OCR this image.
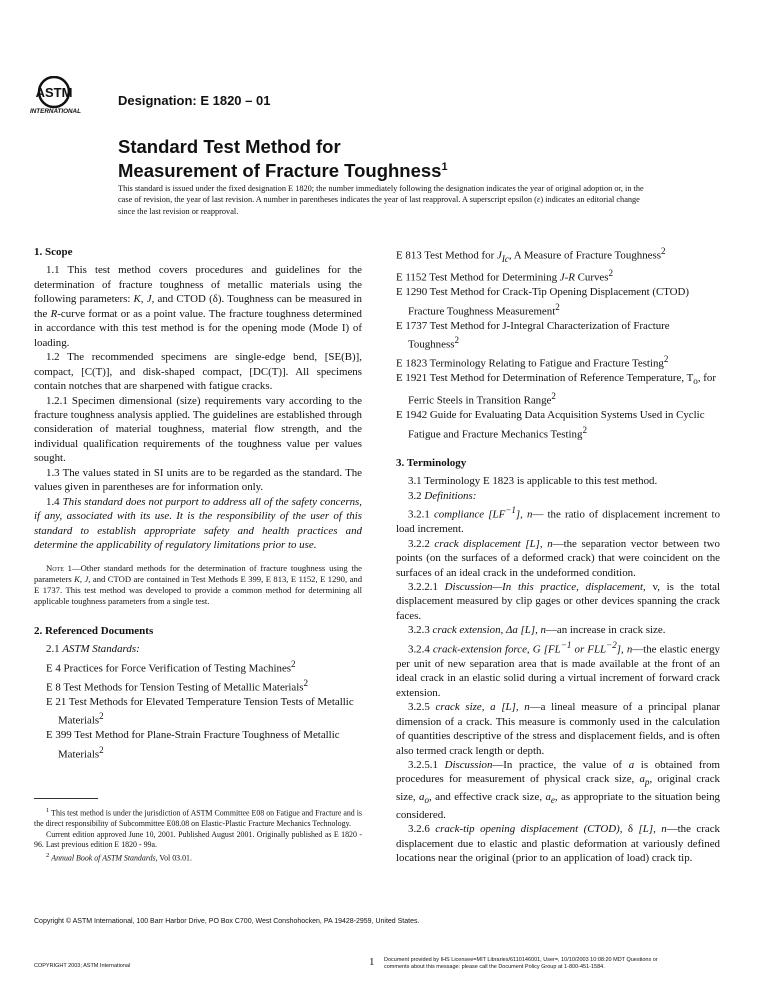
ASTM
INTERNATIONAL
Designation: E 1820 – 01
Standard Test Method for
Measurement of Fracture Toughness$^1$
This standard is issued under the fixed designation E 1820; the number immediately following the designation indicates the year of original adoption or, in the case of revision, the year of last revision. A number in parentheses indicates the year of last reapproval. A superscript epsilon (ε) indicates an editorial change since the last revision or reapproval.
1. Scope

1.1 This test method covers procedures and guidelines for the determination of fracture toughness of metallic materials using the following parameters: K, J, and CTOD (δ). Toughness can be measured in the R-curve format or as a point value. The fracture toughness determined in accordance with this test method is for the opening mode (Mode I) of loading.

1.2 The recommended specimens are single-edge bend, [SE(B)], compact, [C(T)], and disk-shaped compact, [DC(T)]. All specimens contain notches that are sharpened with fatigue cracks.

1.2.1 Specimen dimensional (size) requirements vary according to the fracture toughness analysis applied. The guidelines are established through consideration of material toughness, material flow strength, and the individual qualification requirements of the toughness value per values sought.

1.3 The values stated in SI units are to be regarded as the standard. The values given in parentheses are for information only.

1.4 This standard does not purport to address all of the safety concerns, if any, associated with its use. It is the responsibility of the user of this standard to establish appropriate safety and health practices and determine the applicability of regulatory limitations prior to use.

Note 1—Other standard methods for the determination of fracture toughness using the parameters K, J, and CTOD are contained in Test Methods E 399, E 813, E 1152, E 1290, and E 1737. This test method was developed to provide a common method for determining all applicable toughness parameters from a single test.

2. Referenced Documents

2.1 ASTM Standards:

E 4 Practices for Force Verification of Testing Machines$^2$

E 8 Test Methods for Tension Testing of Metallic Materials$^2$

E 21 Test Methods for Elevated Temperature Tension Tests of Metallic Materials$^2$

E 399 Test Method for Plane-Strain Fracture Toughness of Metallic Materials$^2$

$^1$ This test method is under the jurisdiction of ASTM Committee E08 on Fatigue and Fracture and is the direct responsibility of Subcommittee E08.08 on Elastic-Plastic Fracture Mechanics Technology.

Current edition approved June 10, 2001. Published August 2001. Originally published as E 1820 - 96. Last previous edition E 1820 - 99a.

$^2$ Annual Book of ASTM Standards, Vol 03.01.

E 813 Test Method for $J_{Ic}$, A Measure of Fracture Toughness$^2$

E 1152 Test Method for Determining J-R Curves$^2$

E 1290 Test Method for Crack-Tip Opening Displacement (CTOD) Fracture Toughness Measurement$^2$

E 1737 Test Method for J-Integral Characterization of Fracture Toughness$^2$

E 1823 Terminology Relating to Fatigue and Fracture Testing$^2$

E 1921 Test Method for Determination of Reference Temperature, $T_o$, for Ferric Steels in Transition Range$^2$

E 1942 Guide for Evaluating Data Acquisition Systems Used in Cyclic Fatigue and Fracture Mechanics Testing$^2$

3. Terminology

3.1 Terminology E 1823 is applicable to this test method.

3.2 Definitions:

3.2.1 compliance $[LF^{-1}]$, n— the ratio of displacement increment to load increment.

3.2.2 crack displacement [L], n—the separation vector between two points (on the surfaces of a deformed crack) that were coincident on the surfaces of an ideal crack in the undeformed condition.

3.2.2.1 Discussion—In this practice, displacement, v, is the total displacement measured by clip gages or other devices spanning the crack faces.

3.2.3 crack extension, Δa [L], n—an increase in crack size.

3.2.4 crack-extension force, G [$FL^{-1}$ or $FLL^{-2}$], n—the elastic energy per unit of new separation area that is made available at the front of an ideal crack in an elastic solid during a virtual increment of forward crack extension.

3.2.5 crack size, a [L], n—a lineal measure of a principal planar dimension of a crack. This measure is commonly used in the calculation of quantities descriptive of the stress and displacement fields, and is often also termed crack length or depth.

3.2.5.1 Discussion—In practice, the value of a is obtained from procedures for measurement of physical crack size, $a_p$, original crack size, $a_o$, and effective crack size, $a_e$, as appropriate to the situation being considered.

3.2.6 crack-tip opening displacement (CTOD), δ [L], n—the crack displacement due to elastic and plastic deformation at variously defined locations near the original (prior to an application of load) crack tip.

Copyright © ASTM International, 100 Barr Harbor Drive, PO Box C700, West Conshohocken, PA 19428-2959, United States.
COPYRIGHT 2003; ASTM International	1 Document provided by IHS Licensee=MIT Libraries/6110146001, User=, 10/10/2003 10:08:20 MDT Questions or comments about this message: please call the Document Policy Group at 1-800-451-1584.
